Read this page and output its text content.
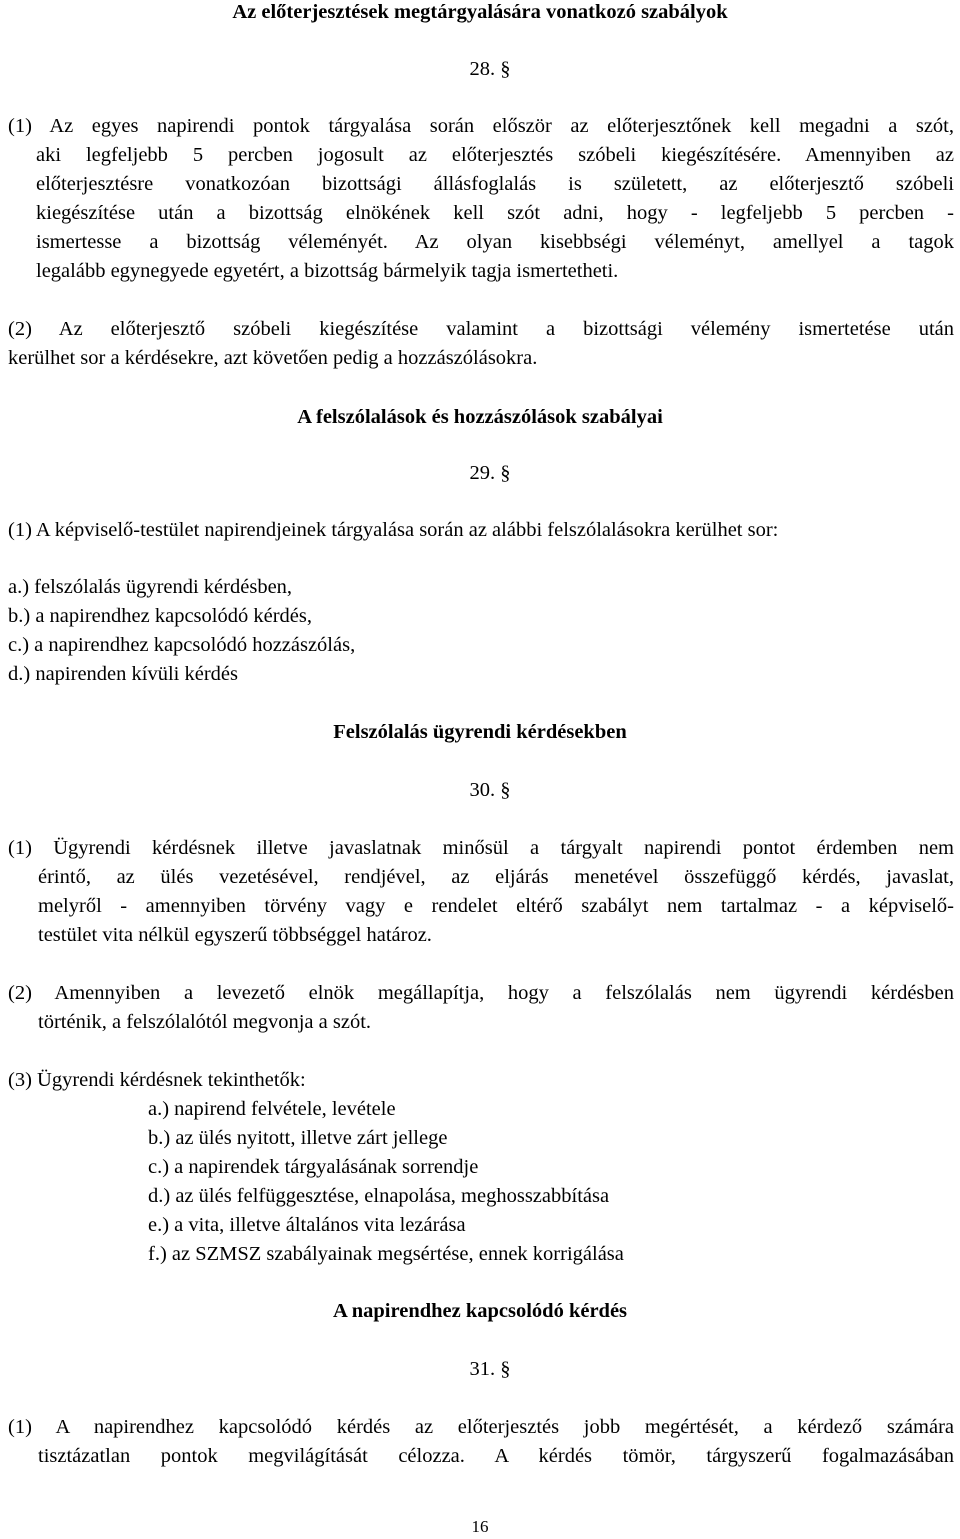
Az előterjesztések megtárgyalására vonatkozó szabályok
28. §
(1) Az egyes napirendi pontok tárgyalása során először az előterjesztőnek kell megadni a szót,
aki legfeljebb 5 percben jogosult az előterjesztés szóbeli kiegészítésére. Amennyiben az
előterjesztésre vonatkozóan bizottsági állásfoglalás is született, az előterjesztő szóbeli
kiegészítése után a bizottság elnökének kell szót adni, hogy - legfeljebb 5 percben -
ismertesse a bizottság véleményét. Az olyan kisebbségi véleményt, amellyel a tagok
legalább egynegyede egyetért, a bizottság bármelyik tagja ismertetheti.
(2) Az előterjesztő szóbeli kiegészítése valamint a bizottsági vélemény ismertetése után
kerülhet sor a kérdésekre, azt követően pedig a hozzászólásokra.
A felszólalások és hozzászólások szabályai
29. §
(1) A képviselő-testület napirendjeinek tárgyalása során az alábbi felszólalásokra kerülhet sor:
a.) felszólalás ügyrendi kérdésben,
b.) a napirendhez kapcsolódó kérdés,
c.) a napirendhez kapcsolódó hozzászólás,
d.) napirenden kívüli kérdés
Felszólalás ügyrendi kérdésekben
30. §
(1) Ügyrendi kérdésnek illetve javaslatnak minősül a tárgyalt napirendi pontot érdemben nem
érintő, az ülés vezetésével, rendjével, az eljárás menetével összefüggő kérdés, javaslat,
melyről - amennyiben törvény vagy e rendelet eltérő szabályt nem tartalmaz - a képviselő-
testület vita nélkül egyszerű többséggel határoz.
(2) Amennyiben a levezető elnök megállapítja, hogy a felszólalás nem ügyrendi kérdésben
történik, a felszólalótól megvonja a szót.
(3) Ügyrendi kérdésnek tekinthetők:
a.) napirend felvétele, levétele
b.) az ülés nyitott, illetve zárt jellege
c.) a napirendek tárgyalásának sorrendje
d.) az ülés felfüggesztése, elnapolása, meghosszabbítása
e.) a vita, illetve általános vita lezárása
f.) az SZMSZ szabályainak megsértése, ennek korrigálása
A napirendhez kapcsolódó kérdés
31. §
(1) A napirendhez kapcsolódó kérdés az előterjesztés jobb megértését, a kérdező számára
tisztázatlan pontok megvilágítását célozza. A kérdés tömör, tárgyszerű fogalmazásában
16
